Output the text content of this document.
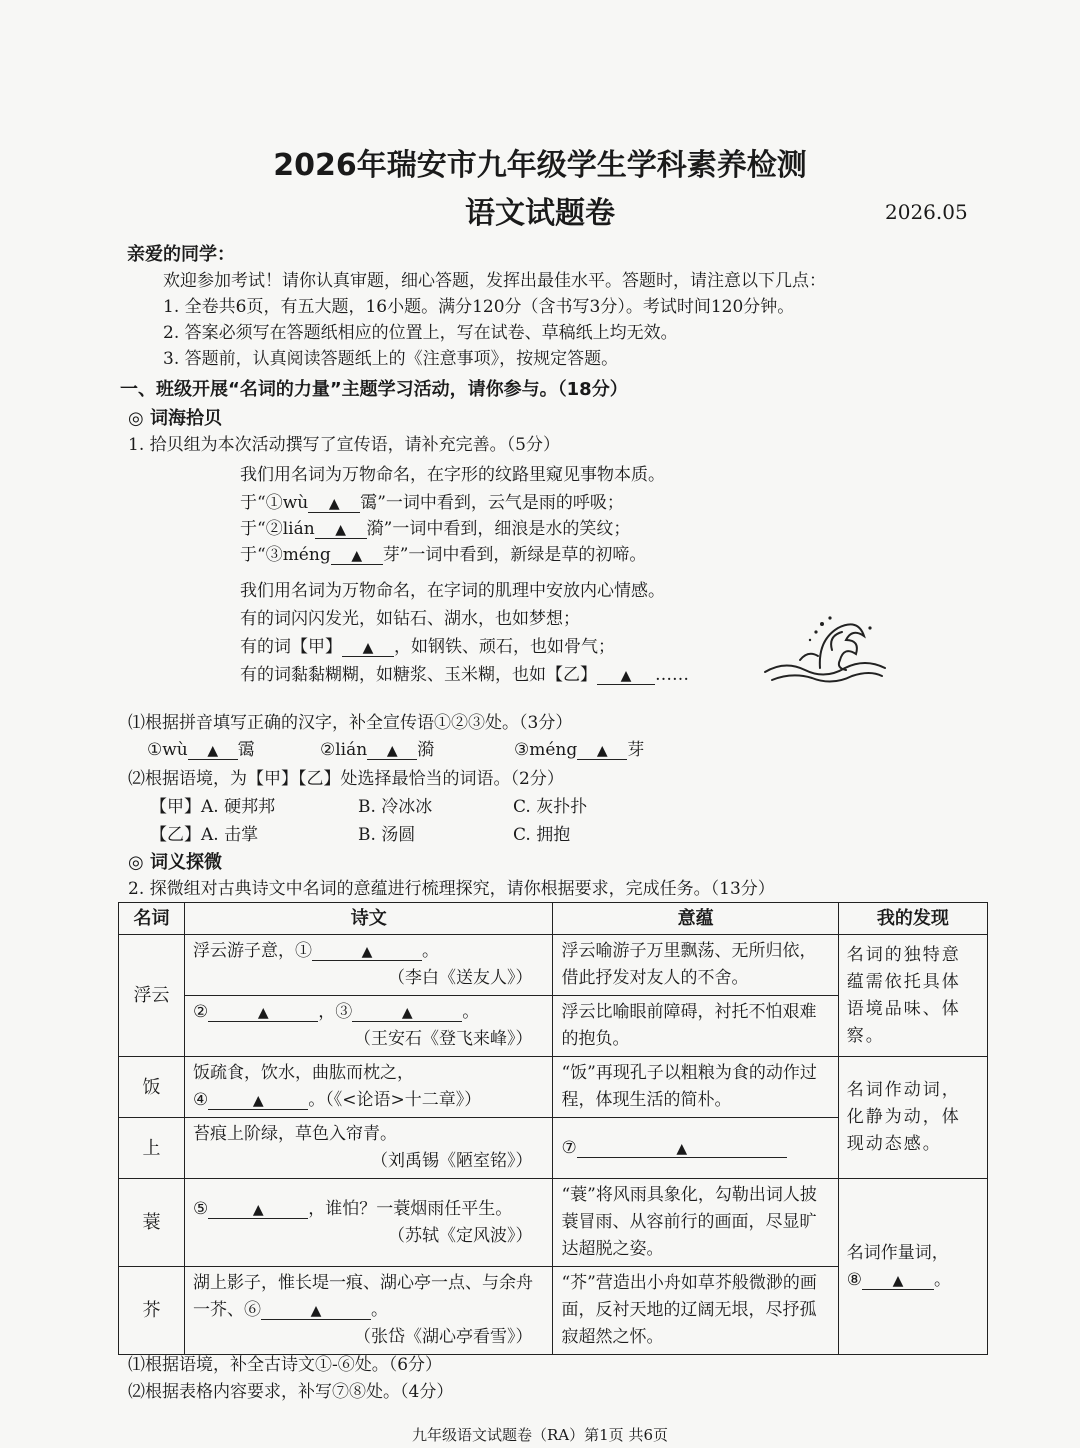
2026年瑞安市九年级学生学科素养检测
语文试题卷	2026.05
亲爱的同学：
欢迎参加考试！请你认真审题，细心答题，发挥出最佳水平。答题时，请注意以下几点：
1. 全卷共6页，有五大题，16小题。满分120分（含书写3分）。考试时间120分钟。
2. 答案必须写在答题纸相应的位置上，写在试卷、草稿纸上均无效。
3. 答题前，认真阅读答题纸上的《注意事项》，按规定答题。
一、班级开展“名词的力量”主题学习活动，请你参与。（18分）
◎ 词海拾贝
1. 拾贝组为本次活动撰写了宣传语，请补充完善。（5分）
我们用名词为万物命名，在字形的纹路里窥见事物本质。
于“①wù ▲ 霭”一词中看到，云气是雨的呼吸；
于“②lián ▲ 漪”一词中看到，细浪是水的笑纹；
于“③méng ▲ 芽”一词中看到，新绿是草的初啼。
我们用名词为万物命名，在字词的肌理中安放内心情感。
有的词闪闪发光，如钻石、湖水，也如梦想；
有的词【甲】 ▲ ，如钢铁、顽石，也如骨气；
有的词黏黏糊糊，如糖浆、玉米糊，也如【乙】 ▲ ……
⑴根据拼音填写正确的汉字，补全宣传语①②③处。（3分）
①wù ▲ 霭	②lián ▲ 漪	③méng ▲ 芽
⑵根据语境，为【甲】【乙】处选择最恰当的词语。（2分）
【甲】A. 硬邦邦	B. 冷冰冰	C. 灰扑扑
【乙】A. 击掌	B. 汤圆	C. 拥抱
◎ 词义探微
2. 探微组对古典诗文中名词的意蕴进行梳理探究，请你根据要求，完成任务。（13分）
名词	诗文	意蕴	我的发现
浮云	浮云游子意，① ▲ 。

（李白《送友人》）	浮云喻游子万里飘荡、无所归依，借此抒发对友人的不舍。	名词的独特意蕴需依托具体语境品味、体察。
	② ▲ ，③ ▲ 。

（王安石《登飞来峰》）	浮云比喻眼前障碍，衬托不怕艰难的抱负。	
饭	饭疏食，饮水，曲肱而枕之，
④ ▲ 。（《<论语>十二章》）	“饭”再现孔子以粗粮为食的动作过程，体现生活的简朴。	名词作动词，化静为动，体现动态感。
上	苔痕上阶绿，草色入帘青。

（刘禹锡《陋室铭》）	⑦ ▲	
蓑	⑤ ▲ ，谁怕？一蓑烟雨任平生。

（苏轼《定风波》）	“蓑”将风雨具象化，勾勒出词人披蓑冒雨、从容前行的画面，尽显旷达超脱之姿。	名词作量词，
⑧ ▲ 。
芥	湖上影子，惟长堤一痕、湖心亭一点、与余舟一芥、⑥ ▲ 。
（张岱《湖心亭看雪》）	“芥”营造出小舟如草芥般微渺的画面，反衬天地的辽阔无垠，尽抒孤寂超然之怀。	
⑴根据语境，补全古诗文①-⑥处。（6分）
⑵根据表格内容要求，补写⑦⑧处。（4分）
九年级语文试题卷（RA）第1页 共6页
